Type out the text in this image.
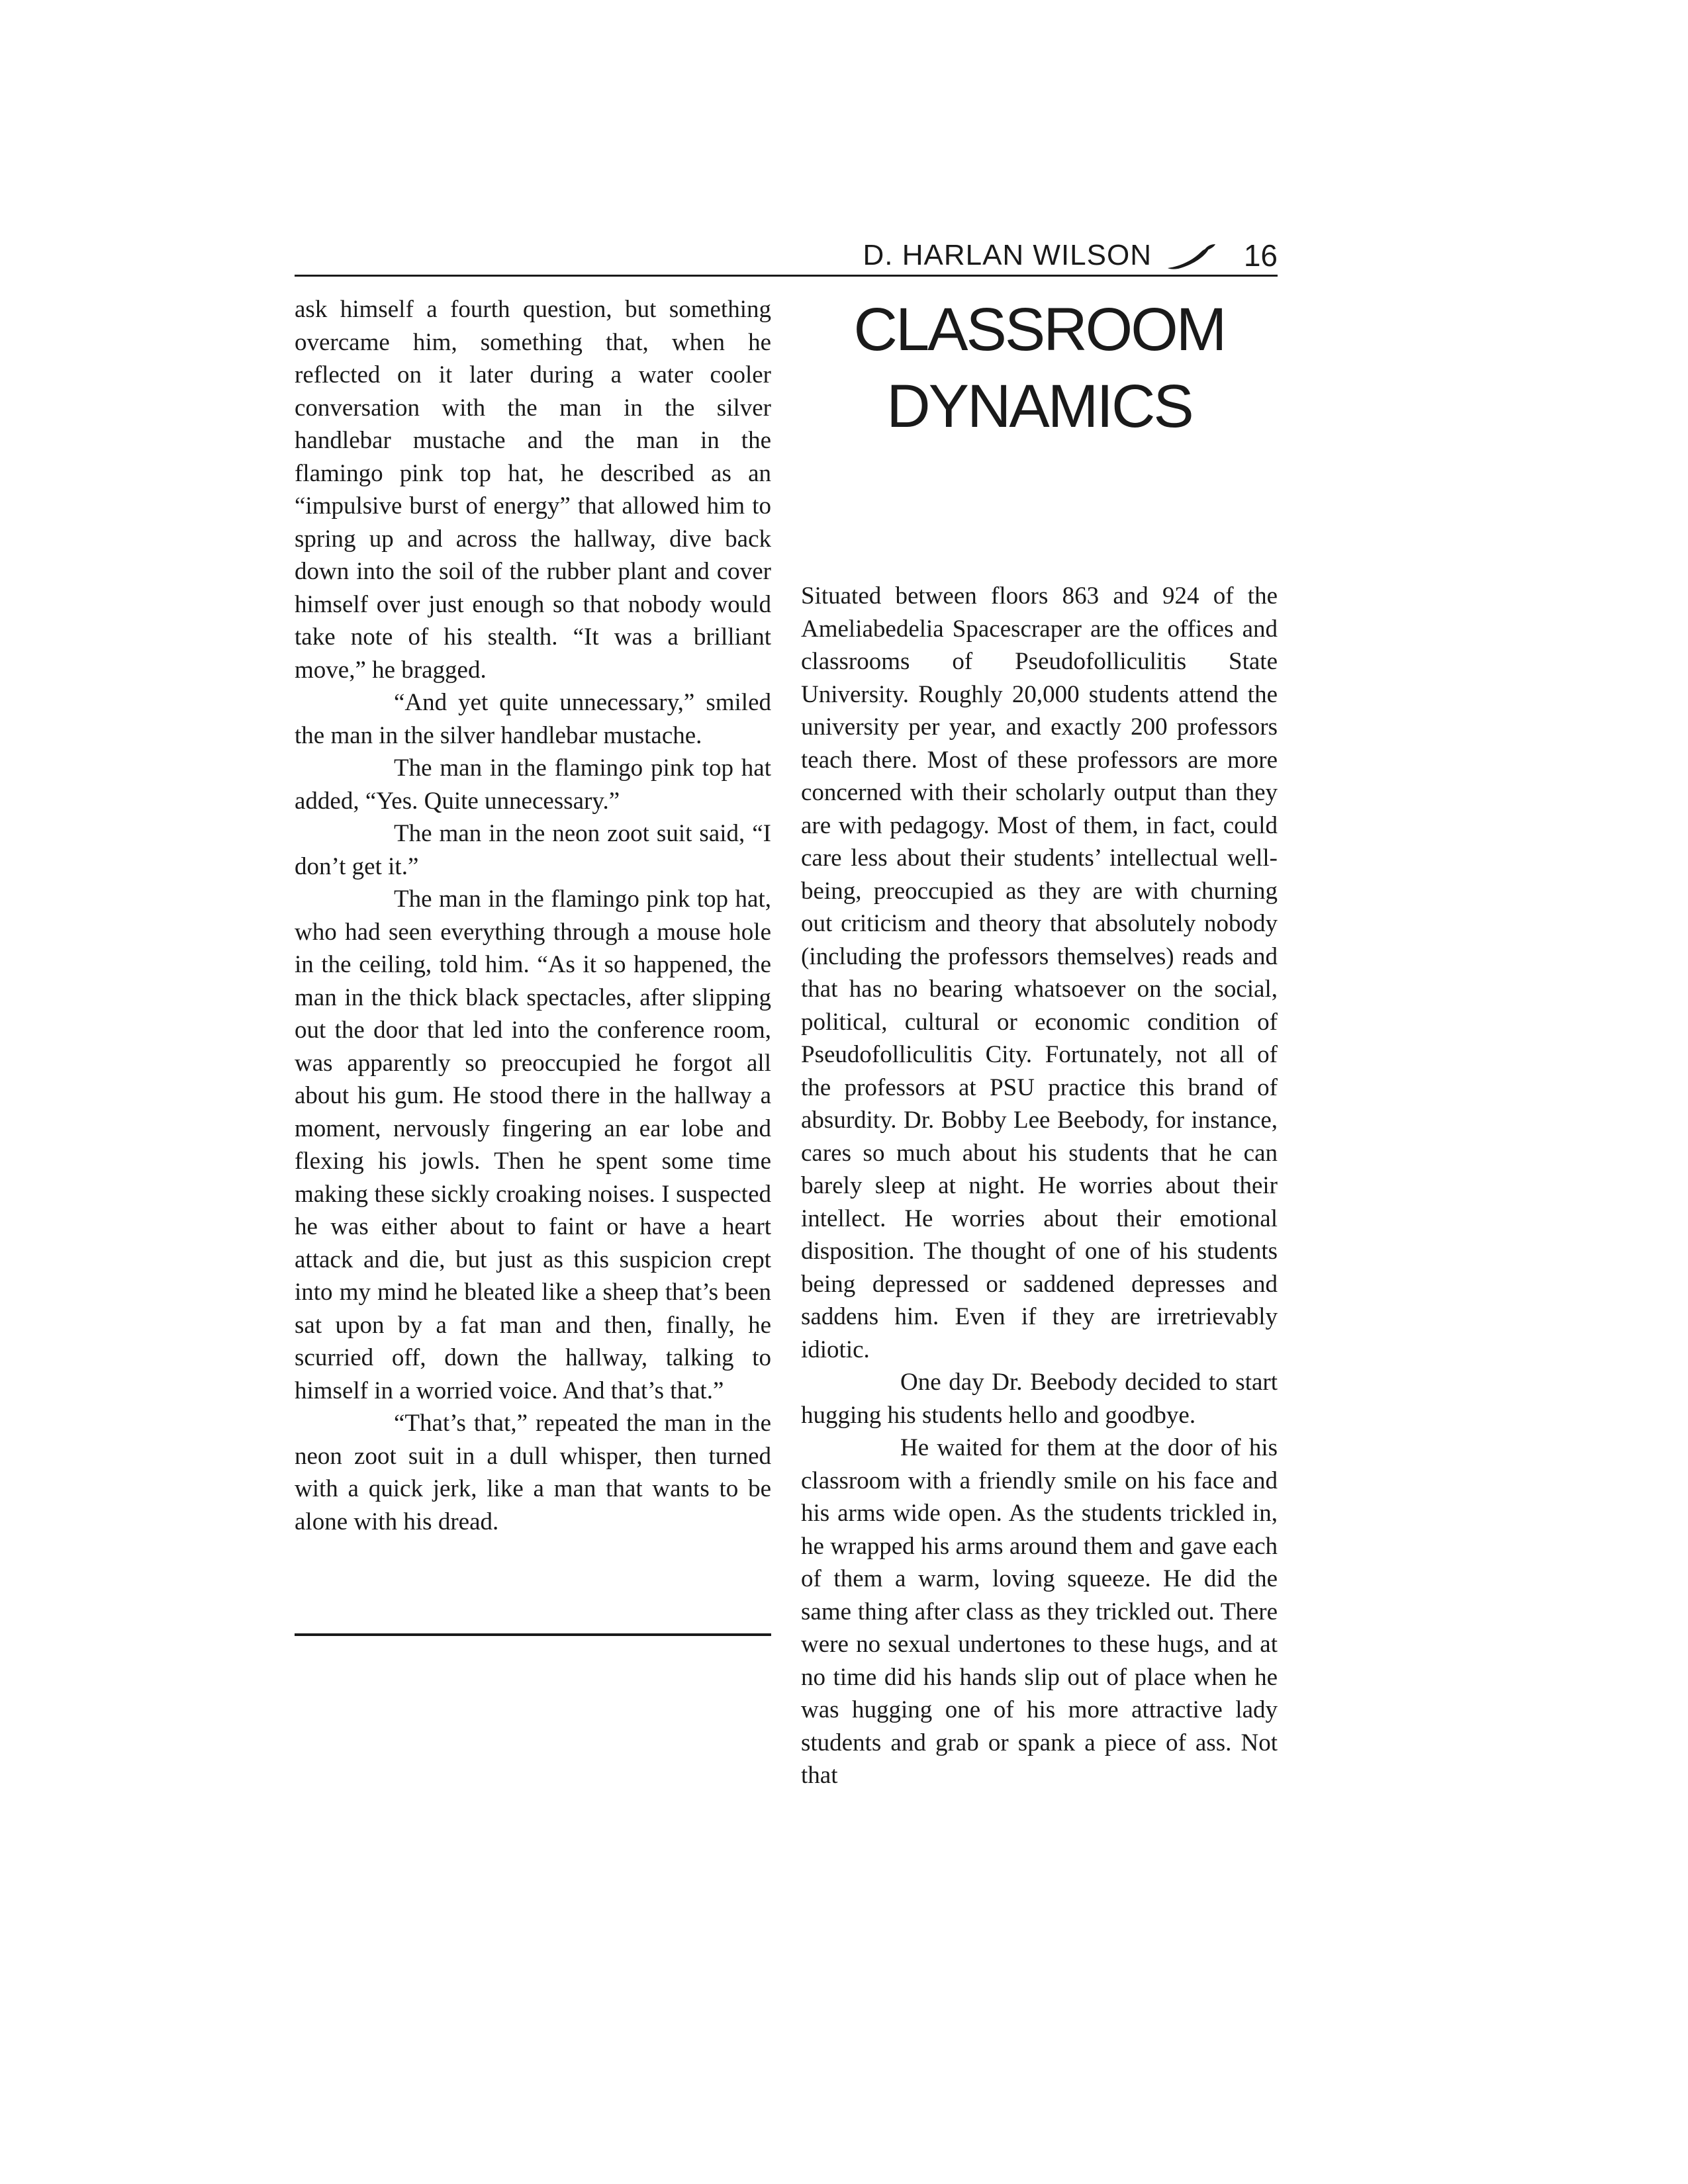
D. HARLAN WILSON	16

ask himself a fourth question, but something overcame him, something that, when he reflected on it later during a water cooler conversation with the man in the silver handlebar mustache and the man in the flamingo pink top hat, he described as an “impulsive burst of energy” that allowed him to spring up and across the hallway, dive back down into the soil of the rubber plant and cover himself over just enough so that nobody would take note of his stealth. “It was a brilliant move,” he bragged.

“And yet quite unnecessary,” smiled the man in the silver handlebar mustache.

The man in the flamingo pink top hat added, “Yes. Quite unnecessary.”

The man in the neon zoot suit said, “I don’t get it.”

The man in the flamingo pink top hat, who had seen everything through a mouse hole in the ceiling, told him. “As it so happened, the man in the thick black spectacles, after slipping out the door that led into the conference room, was apparently so preoccupied he forgot all about his gum. He stood there in the hallway a moment, nervously fingering an ear lobe and flexing his jowls. Then he spent some time making these sickly croaking noises. I suspected he was either about to faint or have a heart attack and die, but just as this suspicion crept into my mind he bleated like a sheep that’s been sat upon by a fat man and then, finally, he scurried off, down the hallway, talking to himself in a worried voice. And that’s that.”

“That’s that,” repeated the man in the neon zoot suit in a dull whisper, then turned with a quick jerk, like a man that wants to be alone with his dread.

CLASSROOM
DYNAMICS

Situated between floors 863 and 924 of the Ameliabedelia Spacescraper are the offices and classrooms of Pseudofolliculitis State University. Roughly 20,000 students attend the university per year, and exactly 200 professors teach there. Most of these professors are more concerned with their scholarly output than they are with pedagogy. Most of them, in fact, could care less about their students’ intellectual well-being, preoccupied as they are with churning out criticism and theory that absolutely nobody (including the professors themselves) reads and that has no bearing whatsoever on the social, political, cultural or economic condition of Pseudofolliculitis City. Fortunately, not all of the professors at PSU practice this brand of absurdity. Dr. Bobby Lee Beebody, for instance, cares so much about his students that he can barely sleep at night. He worries about their intellect. He worries about their emotional disposition. The thought of one of his students being depressed or saddened depresses and saddens him. Even if they are irretrievably idiotic.

One day Dr. Beebody decided to start hugging his students hello and goodbye.

He waited for them at the door of his classroom with a friendly smile on his face and his arms wide open. As the students trickled in, he wrapped his arms around them and gave each of them a warm, loving squeeze. He did the same thing after class as they trickled out. There were no sexual undertones to these hugs, and at no time did his hands slip out of place when he was hugging one of his more attractive lady students and grab or spank a piece of ass. Not that
